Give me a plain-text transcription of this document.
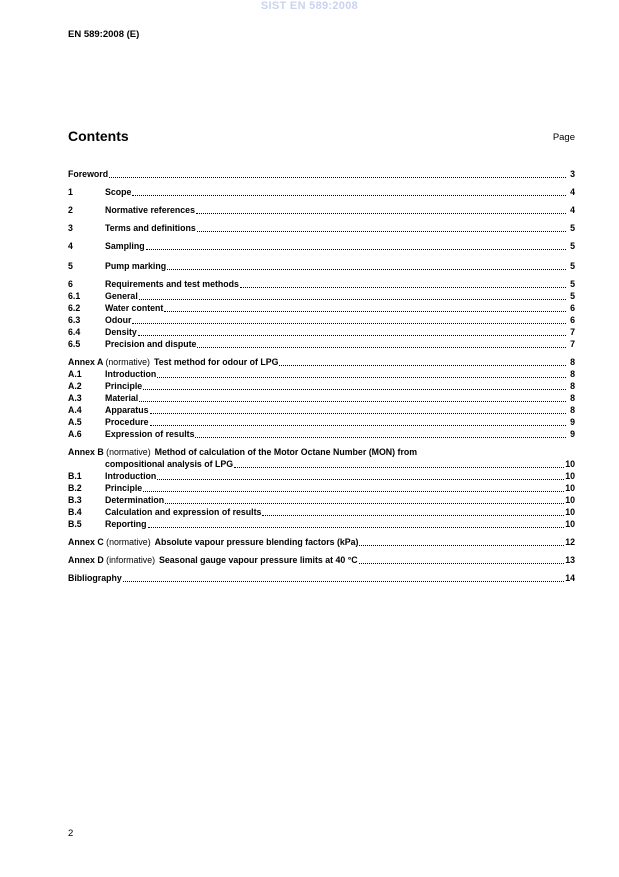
SIST EN 589:2008
EN 589:2008 (E)
Contents	Page
Foreword	3
1	Scope	4
2	Normative references	4
3	Terms and definitions	5
4	Sampling	5
5	Pump marking	5
6	Requirements and test methods	5
6.1	General	5
6.2	Water content	6
6.3	Odour	6
6.4	Density	7
6.5	Precision and dispute	7
Annex A (normative) Test method for odour of LPG	8
A.1	Introduction	8
A.2	Principle	8
A.3	Material	8
A.4	Apparatus	8
A.5	Procedure	9
A.6	Expression of results	9
Annex B (normative) Method of calculation of the Motor Octane Number (MON) from
compositional analysis of LPG	10
B.1	Introduction	10
B.2	Principle	10
B.3	Determination	10
B.4	Calculation and expression of results	10
B.5	Reporting	10
Annex C (normative) Absolute vapour pressure blending factors (kPa)	12
Annex D (informative) Seasonal gauge vapour pressure limits at 40 °C	13
Bibliography	14
2
